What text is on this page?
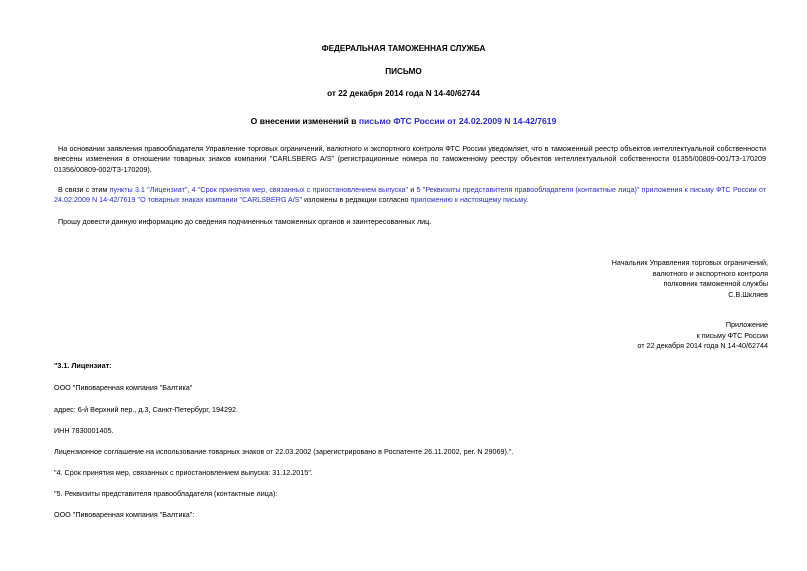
ФЕДЕРАЛЬНАЯ ТАМОЖЕННАЯ СЛУЖБА
ПИСЬМО
от 22 декабря 2014 года N 14-40/62744
О внесении изменений в письмо ФТС России от 24.02.2009 N 14-42/7619
На основании заявления правообладателя Управление торговых ограничений, валютного и экспортного контроля ФТС России уведомляет, что в таможенный реестр объектов интеллектуальной собственности внесены изменения в отношении товарных знаков компании "CARLSBERG A/S" (регистрационные номера по таможенному реестру объектов интеллектуальной собственности 01355/00809-001/ТЗ-170209 01356/00809-002/ТЗ-170209).
В связи с этим пункты 3.1 "Лицензиат", 4 "Срок принятия мер, связанных с приостановлением выпуска" и 5 "Реквизиты представителя правообладателя (контактные лица)" приложения к письму ФТС России от 24.02.2009 N 14-42/7619 "О товарных знаках компании "CARLSBERG A/S" изложены в редакции согласно приложению к настоящему письму.
Прошу довести данную информацию до сведения подчиненных таможенных органов и заинтересованных лиц.
Начальник Управления торговых ограничений,
валютного и экспортного контроля
полковник таможенной службы
С.В.Шкляев
Приложение
к письму ФТС России
от 22 декабря 2014 года N 14-40/62744
"3.1. Лицензиат:
ООО "Пивоваренная компания "Балтика"
адрес: 6-й Верхний пер., д.3, Санкт-Петербург, 194292.
ИНН 7830001405.
Лицензионное соглашение на использование товарных знаков от 22.03.2002 (зарегистрировано в Роспатенте 26.11.2002, рег. N 29069).".
"4. Срок принятия мер, связанных с приостановлением выпуска: 31.12.2015".
"5. Реквизиты представителя правообладателя (контактные лица):
ООО "Пивоваренная компания "Балтика":
